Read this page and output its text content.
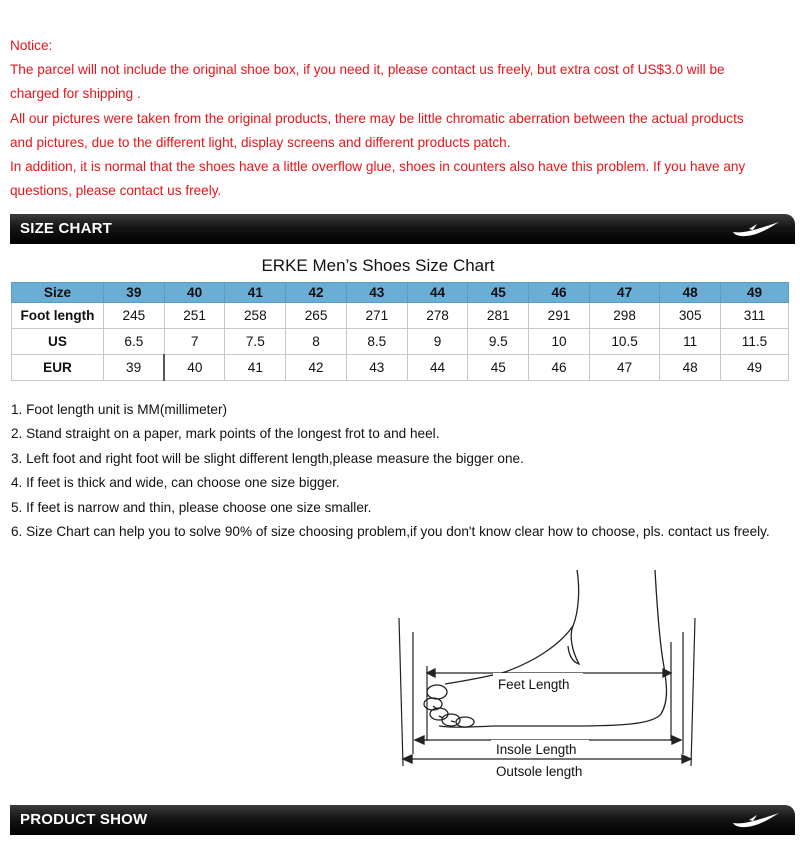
Notice:

The parcel will not include the original shoe box, if you need it, please contact us freely, but extra cost of US$3.0 will be

charged for shipping .

All our pictures were taken from the original products, there may be little chromatic aberration between the actual products

and pictures, due to the different light, display screens and different products patch.

In addition, it is normal that the shoes have a little overflow glue, shoes in counters also have this problem. If you have any

questions, please contact us freely.

SIZE CHART
ERKE Men’s Shoes Size Chart
Size	39	40	41	42	43	44	45	46	47	48	49
Foot length	245	251	258	265	271	278	281	291	298	305	311
US	6.5	7	7.5	8	8.5	9	9.5	10	10.5	11	11.5
EUR	39	40	41	42	43	44	45	46	47	48	49

1. Foot length unit is MM(millimeter)

2. Stand straight on a paper, mark points of the longest frot to and heel.

3. Left foot and right foot will be slight different length,please measure the bigger one.

4. If feet is thick and wide, can choose one size bigger.

5. If feet is narrow and thin, please choose one size smaller.

6. Size Chart can help you to solve 90% of size choosing problem,if you don't know clear how to choose, pls. contact us freely.

Feet Length
Insole Length
Outsole length
PRODUCT SHOW
